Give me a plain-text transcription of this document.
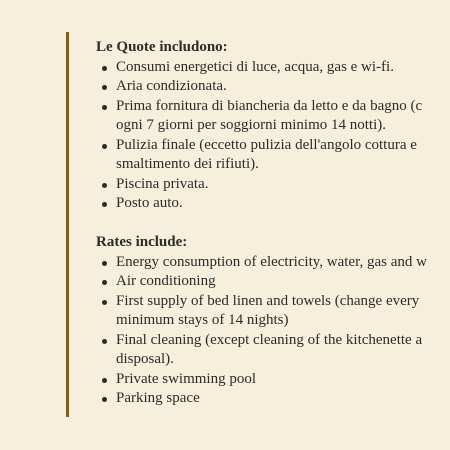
Le Quote includono:
Consumi energetici di luce, acqua, gas e wi-fi.
Aria condizionata.
Prima fornitura di biancheria da letto e da bagno (c
ogni 7 giorni per soggiorni minimo 14 notti).
Pulizia finale (eccetto pulizia dell'angolo cottura e
smaltimento dei rifiuti).
Piscina privata.
Posto auto.
Rates include:
Energy consumption of electricity, water, gas and w
Air conditioning
First supply of bed linen and towels (change every
minimum stays of 14 nights)
Final cleaning (except cleaning of the kitchenette a
disposal).
Private swimming pool
Parking space
